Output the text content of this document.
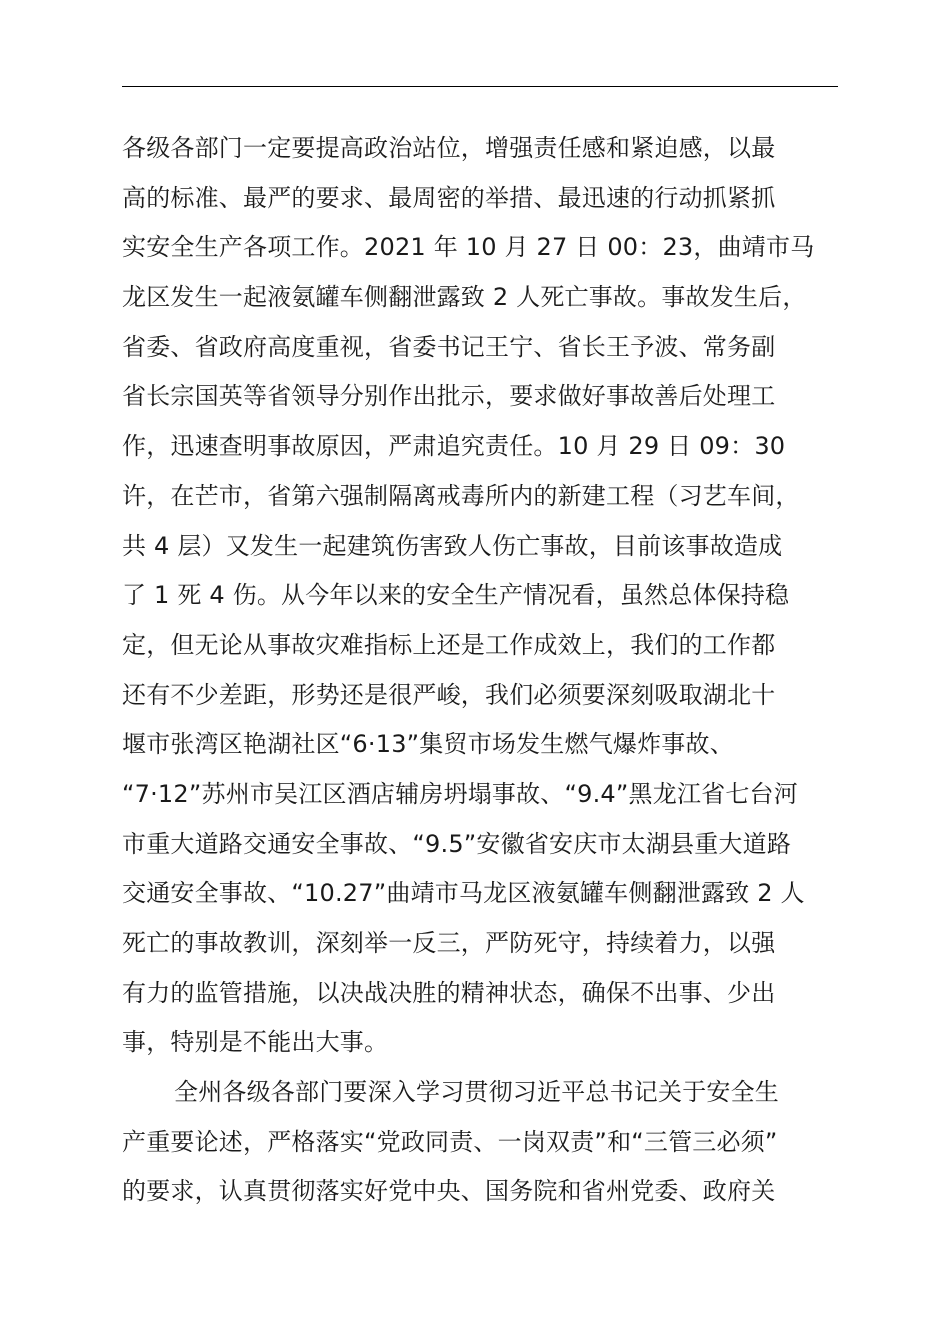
各级各部门一定要提高政治站位，增强责任感和紧迫感，以最
高的标准、最严的要求、最周密的举措、最迅速的行动抓紧抓
实安全生产各项工作。2021 年 10 月 27 日 00：23，曲靖市马
龙区发生一起液氨罐车侧翻泄露致 2 人死亡事故。事故发生后，
省委、省政府高度重视，省委书记王宁、省长王予波、常务副
省长宗国英等省领导分别作出批示，要求做好事故善后处理工
作，迅速查明事故原因，严肃追究责任。10 月 29 日 09：30
许，在芒市，省第六强制隔离戒毒所内的新建工程（习艺车间，
共 4 层）又发生一起建筑伤害致人伤亡事故，目前该事故造成
了 1 死 4 伤。从今年以来的安全生产情况看，虽然总体保持稳
定，但无论从事故灾难指标上还是工作成效上，我们的工作都
还有不少差距，形势还是很严峻，我们必须要深刻吸取湖北十
堰市张湾区艳湖社区“6·13”集贸市场发生燃气爆炸事故、
“7·12”苏州市吴江区酒店辅房坍塌事故、“9.4”黑龙江省七台河
市重大道路交通安全事故、“9.5”安徽省安庆市太湖县重大道路
交通安全事故、“10.27”曲靖市马龙区液氨罐车侧翻泄露致 2 人
死亡的事故教训，深刻举一反三，严防死守，持续着力，以强
有力的监管措施，以决战决胜的精神状态，确保不出事、少出
事，特别是不能出大事。
全州各级各部门要深入学习贯彻习近平总书记关于安全生
产重要论述，严格落实“党政同责、一岗双责”和“三管三必须”
的要求，认真贯彻落实好党中央、国务院和省州党委、政府关
